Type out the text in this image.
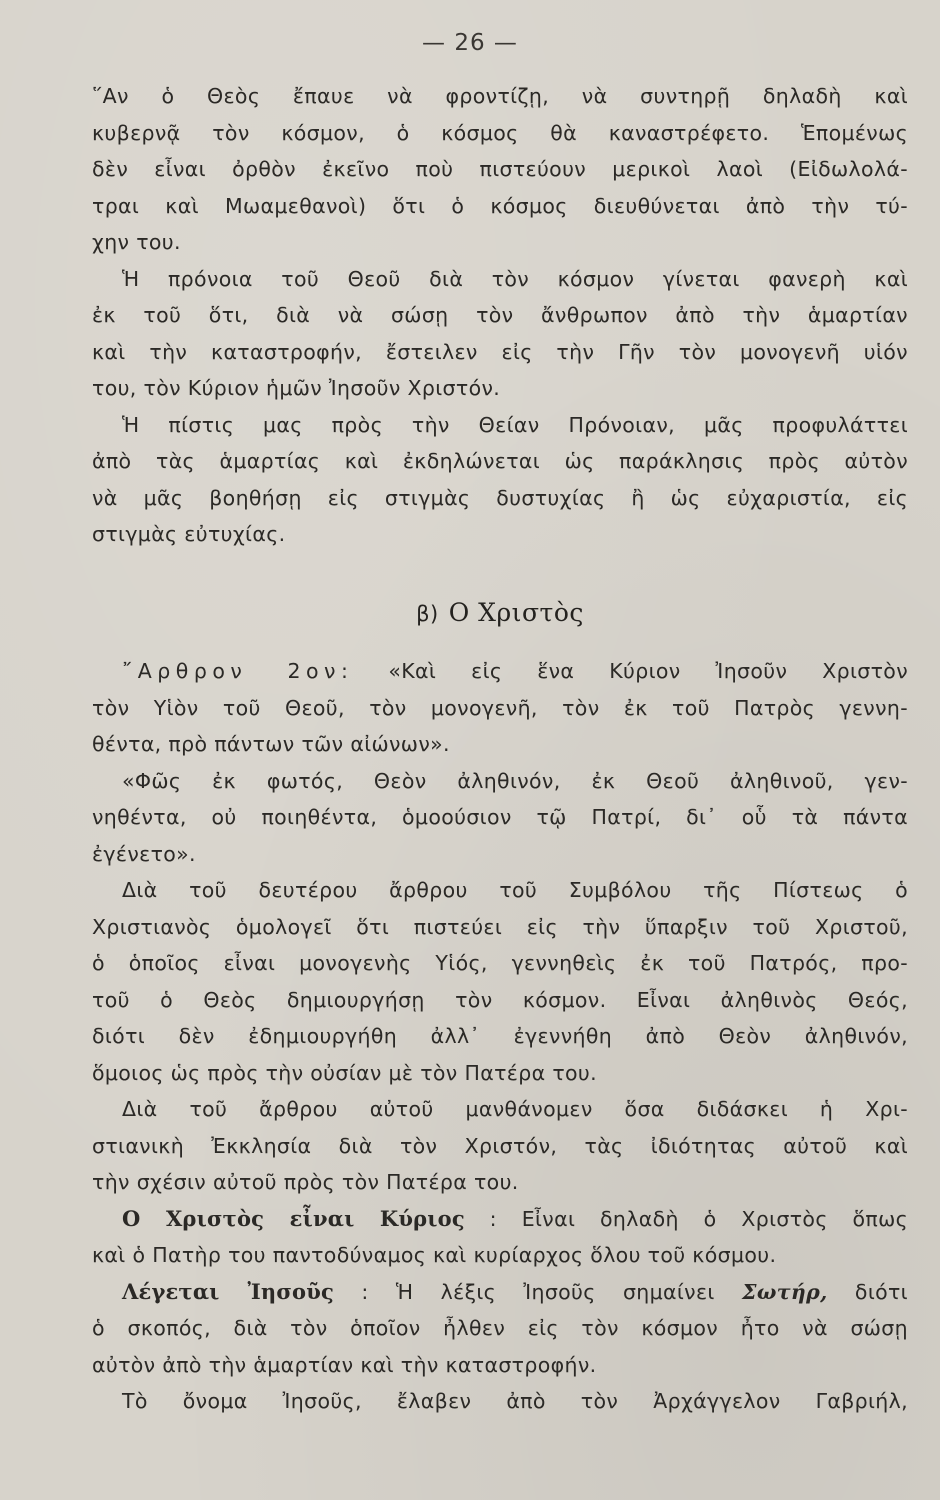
— 26 —
῞Αν ὁ Θεὸς ἔπαυε νὰ φροντίζῃ, νὰ συντηρῇ δηλαδὴ καὶ
κυβερνᾷ τὸν κόσμον, ὁ κόσμος θὰ καναστρέφετο. Ἑπομένως
δὲν εἶναι ὀρθὸν ἐκεῖνο ποὺ πιστεύουν μερικοὶ λαοὶ (Εἰδωλολά-
τραι καὶ Μωαμεθανοὶ) ὅτι ὁ κόσμος διευθύνεται ἀπὸ τὴν τύ-
χην του.
Ἡ πρόνοια τοῦ Θεοῦ διὰ τὸν κόσμον γίνεται φανερὴ καὶ
ἐκ τοῦ ὅτι, διὰ νὰ σώσῃ τὸν ἄνθρωπον ἀπὸ τὴν ἁμαρτίαν
καὶ τὴν καταστροφήν, ἔστειλεν εἰς τὴν Γῆν τὸν μονογενῆ υἱόν
του, τὸν Κύριον ἡμῶν Ἰησοῦν Χριστόν.
Ἡ πίστις μας πρὸς τὴν Θείαν Πρόνοιαν, μᾶς προφυλάττει
ἀπὸ τὰς ἁμαρτίας καὶ ἐκδηλώνεται ὡς παράκλησις πρὸς αὐτὸν
νὰ μᾶς βοηθήσῃ εἰς στιγμὰς δυστυχίας ἢ ὡς εὐχαριστία, εἰς
στιγμὰς εὐτυχίας.
β) Ο Χριστὸς
῎Αρθρον 2ον: «Καὶ εἰς ἕνα Κύριον Ἰησοῦν Χριστὸν
τὸν Υἱὸν τοῦ Θεοῦ, τὸν μονογενῆ, τὸν ἐκ τοῦ Πατρὸς γεννη-
θέντα, πρὸ πάντων τῶν αἰώνων».
«Φῶς ἐκ φωτός, Θεὸν ἀληθινόν, ἐκ Θεοῦ ἀληθινοῦ, γεν-
νηθέντα, οὐ ποιηθέντα, ὁμοούσιον τῷ Πατρί, δι᾿ οὗ τὰ πάντα
ἐγένετο».
Διὰ τοῦ δευτέρου ἄρθρου τοῦ Συμβόλου τῆς Πίστεως ὁ
Χριστιανὸς ὁμολογεῖ ὅτι πιστεύει εἰς τὴν ὕπαρξιν τοῦ Χριστοῦ,
ὁ ὁποῖος εἶναι μονογενὴς Υἱός, γεννηθεὶς ἐκ τοῦ Πατρός, προ-
τοῦ ὁ Θεὸς δημιουργήσῃ τὸν κόσμον. Εἶναι ἀληθινὸς Θεός,
διότι δὲν ἐδημιουργήθη ἀλλ᾿ ἐγεννήθη ἀπὸ Θεὸν ἀληθινόν,
ὅμοιος ὡς πρὸς τὴν οὐσίαν μὲ τὸν Πατέρα του.
Διὰ τοῦ ἄρθρου αὐτοῦ μανθάνομεν ὅσα διδάσκει ἡ Χρι-
στιανικὴ Ἐκκλησία διὰ τὸν Χριστόν, τὰς ἰδιότητας αὐτοῦ καὶ
τὴν σχέσιν αὐτοῦ πρὸς τὸν Πατέρα του.
Ο Χριστὸς εἶναι Κύριος : Εἶναι δηλαδὴ ὁ Χριστὸς ὅπως
καὶ ὁ Πατὴρ του παντοδύναμος καὶ κυρίαρχος ὅλου τοῦ κόσμου.
Λέγεται Ἰησοῦς : Ἡ λέξις Ἰησοῦς σημαίνει Σωτήρ, διότι
ὁ σκοπός, διὰ τὸν ὁποῖον ἦλθεν εἰς τὸν κόσμον ἦτο νὰ σώσῃ
αὐτὸν ἀπὸ τὴν ἁμαρτίαν καὶ τὴν καταστροφήν.
Τὸ ὄνομα Ἰησοῦς, ἔλαβεν ἀπὸ τὸν Ἀρχάγγελον Γαβριήλ,
